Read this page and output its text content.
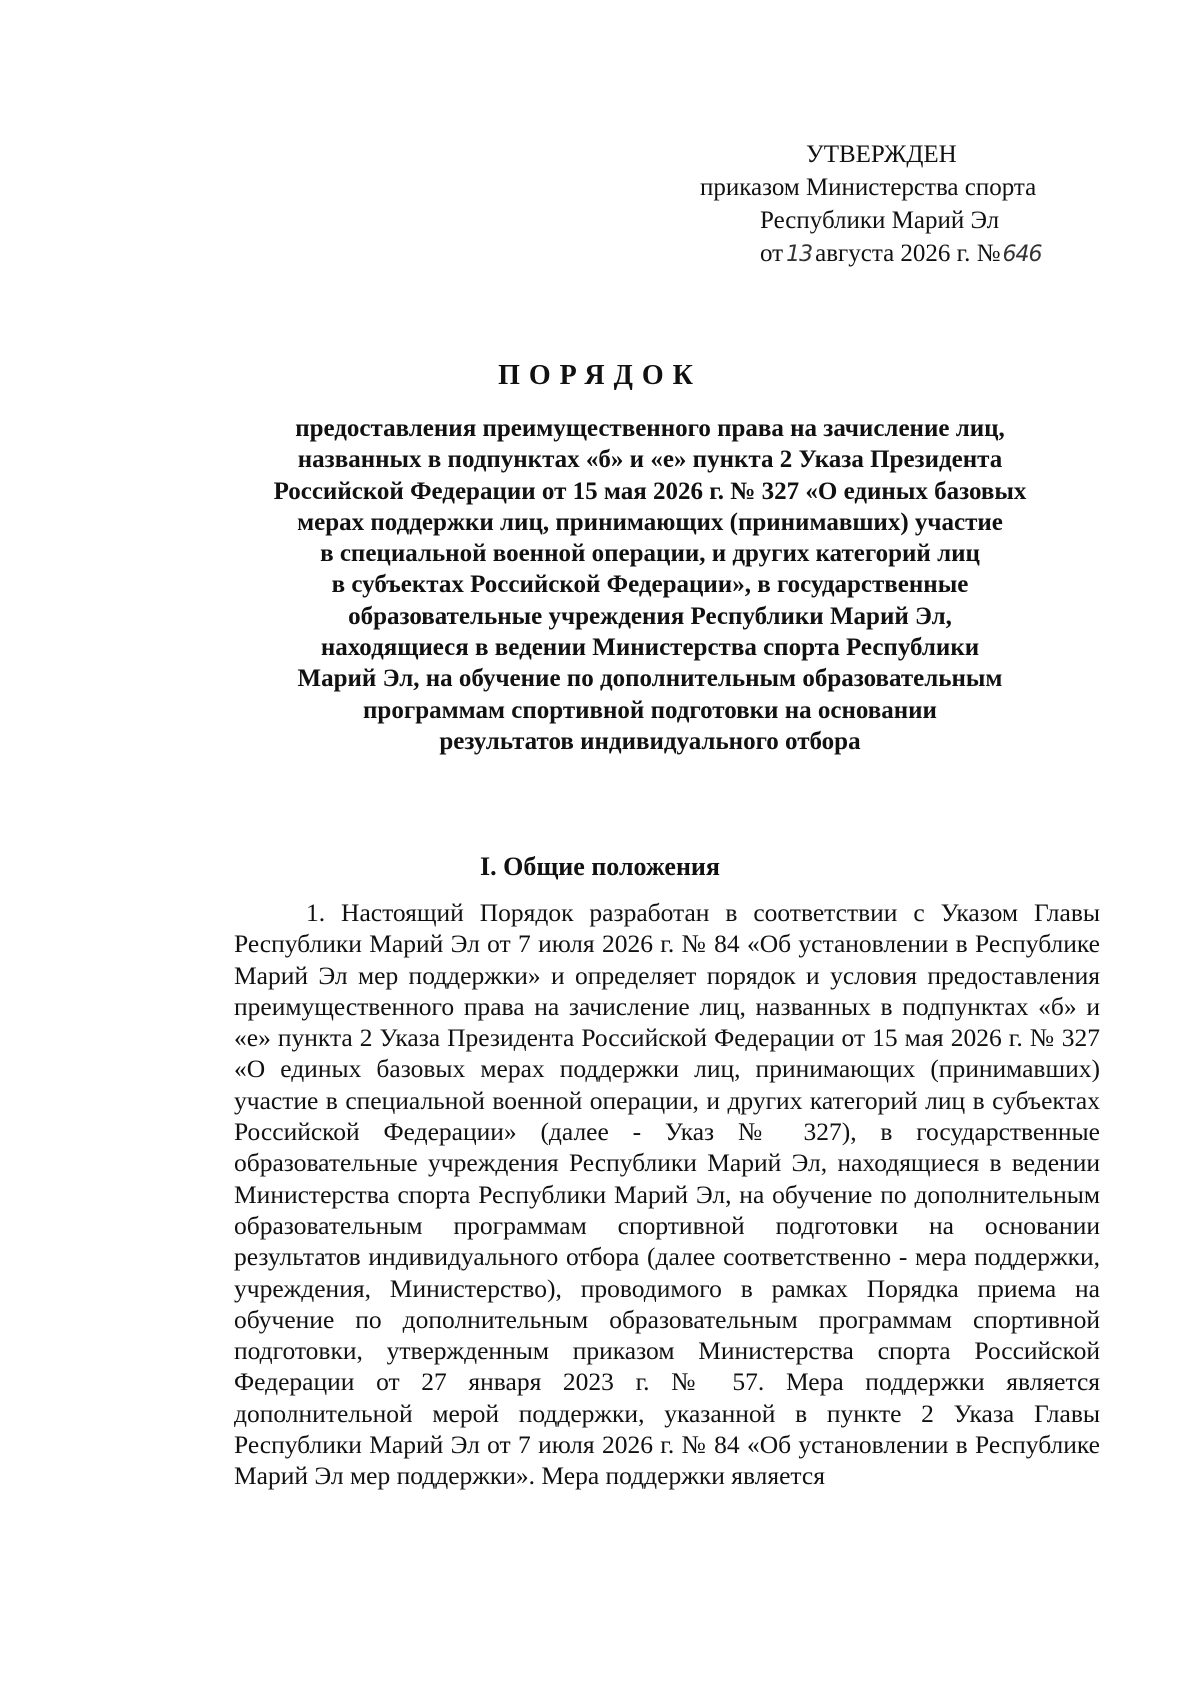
УТВЕРЖДЕН
приказом Министерства спорта
Республики Марий Эл
от 13 августа 2026 г. №646
ПОРЯДОК
предоставления преимущественного права на зачисление лиц,
названных в подпунктах «б» и «е» пункта 2 Указа Президента
Российской Федерации от 15 мая 2026 г. № 327 «О единых базовых
мерах поддержки лиц, принимающих (принимавших) участие
в специальной военной операции, и других категорий лиц
в субъектах Российской Федерации», в государственные
образовательные учреждения Республики Марий Эл,
находящиеся в ведении Министерства спорта Республики
Марий Эл, на обучение по дополнительным образовательным
программам спортивной подготовки на основании
результатов индивидуального отбора
I. Общие положения

1. Настоящий Порядок разработан в соответствии с Указом Главы Республики Марий Эл от 7 июля 2026 г. № 84 «Об установлении в Республике Марий Эл мер поддержки» и определяет порядок и условия предоставления преимущественного права на зачисление лиц, названных в подпунктах «б» и «е» пункта 2 Указа Президента Российской Федерации от 15 мая 2026 г. № 327 «О единых базовых мерах поддержки лиц, принимающих (принимавших) участие в специальной военной операции, и других категорий лиц в субъектах Российской Федерации» (далее - Указ № 327), в государственные образовательные учреждения Республики Марий Эл, находящиеся в ведении Министерства спорта Республики Марий Эл, на обучение по дополнительным образовательным программам спортивной подготовки на основании результатов индивидуального отбора (далее соответственно - мера поддержки, учреждения, Министерство), проводимого в рамках Порядка приема на обучение по дополнительным образовательным программам спортивной подготовки, утвержденным приказом Министерства спорта Российской Федерации от 27 января 2023 г. № 57. Мера поддержки является дополнительной мерой поддержки, указанной в пункте 2 Указа Главы Республики Марий Эл от 7 июля 2026 г. № 84 «Об установлении в Республике Марий Эл мер поддержки». Мера поддержки является
